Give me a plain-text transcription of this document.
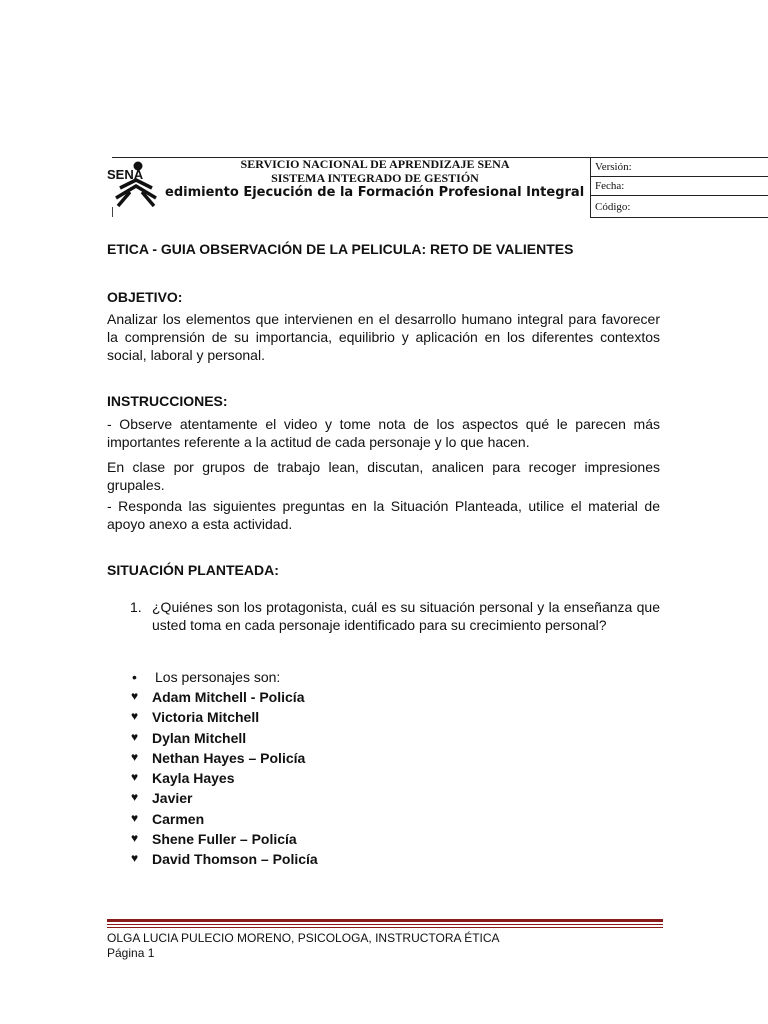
SENA
SERVICIO NACIONAL DE APRENDIZAJE SENA
SISTEMA INTEGRADO DE GESTIÓN
edimiento Ejecución de la Formación Profesional Integral
Versión:
Fecha:
Código:
ETICA - GUIA OBSERVACIÓN DE LA PELICULA: RETO DE VALIENTES
OBJETIVO:

Analizar los elementos que intervienen en el desarrollo humano integral para favorecer la comprensión de su importancia, equilibrio y aplicación en los diferentes contextos social, laboral y personal.

INSTRUCCIONES:

- Observe atentamente el video y tome nota de los aspectos qué le parecen más importantes referente a la actitud de cada personaje y lo que hacen.

En clase por grupos de trabajo lean, discutan, analicen para recoger impresiones grupales.

- Responda las siguientes preguntas en la Situación Planteada, utilice el material de apoyo anexo a esta actividad.

SITUACIÓN PLANTEADA:
1. ¿Quiénes son los protagonista, cuál es su situación personal y la enseñanza que usted toma en cada personaje identificado para su crecimiento personal?
• Los personajes son:
♥ Adam Mitchell - Policía
♥ Victoria Mitchell
♥ Dylan Mitchell
♥ Nethan Hayes – Policía
♥ Kayla Hayes
♥ Javier
♥ Carmen
♥ Shene Fuller – Policía
♥ David Thomson – Policía
OLGA LUCIA PULECIO MORENO, PSICOLOGA, INSTRUCTORA ÉTICA
Página 1
